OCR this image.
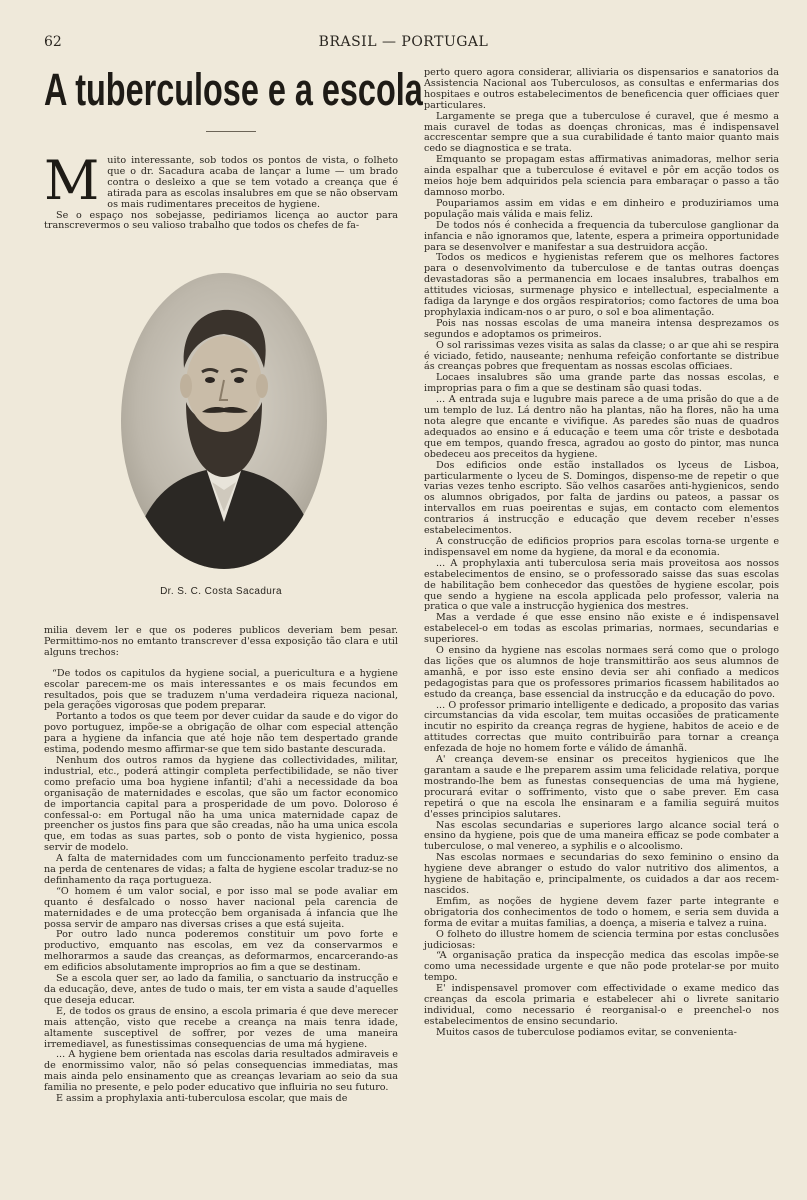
62	BRASIL — PORTUGAL
A tuberculose e a escola
M uito interessante, sob todos os pontos de vista, o folheto que o dr. Sacadura acaba de lançar a lume — um brado contra o desleixo a que se tem votado a creança que é atirada para as escolas insalubres em que se não observam os mais rudimentares preceitos de hygiene.

Se o espaço nos sobejasse, pediriamos licença ao auctor para transcrevermos o seu valioso trabalho que todos os chefes de fa-

Dr. S. C. Costa Sacadura

milia devem ler e que os poderes publicos deveriam bem pesar. Permittimo-nos no emtanto transcrever d'essa exposição tão clara e util alguns trechos:

“De todos os capitulos da hygiene social, a puericultura e a hygiene escolar parecem-me os mais interessantes e os mais fecundos em resultados, pois que se traduzem n'uma verdadeira riqueza nacional, pela gerações vigorosas que podem preparar.

Portanto a todos os que teem por dever cuidar da saude e do vigor do povo portuguez, impõe-se a obrigação de olhar com especial attenção para a hygiene da infancia que até hoje não tem despertado grande estima, podendo mesmo affirmar-se que tem sido bastante descurada.

Nenhum dos outros ramos da hygiene das collectividades, militar, industrial, etc., poderá attingir completa perfectibilidade, se não tiver como prefacio uma boa hygiene infantil; d'ahi a necessidade da boa organisação de maternidades e escolas, que são um factor economico de importancia capital para a prosperidade de um povo. Doloroso é confessal-o: em Portugal não ha uma unica maternidade capaz de preencher os justos fins para que são creadas, não ha uma unica escola que, em todas as suas partes, sob o ponto de vista hygienico, possa servir de modelo.

A falta de maternidades com um funccionamento perfeito traduz-se na perda de centenares de vidas; a falta de hygiene escolar traduz-se no definhamento da raça portugueza.

“O homem é um valor social, e por isso mal se pode avaliar em quanto é desfalcado o nosso haver nacional pela carencia de maternidades e de uma protecção bem organisada á infancia que lhe possa servir de amparo nas diversas crises a que está sujeita.

Por outro lado nunca poderemos constituir um povo forte e productivo, emquanto nas escolas, em vez da conservarmos e melhorarmos a saude das creanças, as deformarmos, encarcerando-as em edificios absolutamente improprios ao fim a que se destinam.

Se a escola quer ser, ao lado da familia, o sanctuario da instrucção e da educação, deve, antes de tudo o mais, ter em vista a saude d'aquelles que deseja educar.

E, de todos os graus de ensino, a escola primaria é que deve merecer mais attenção, visto que recebe a creança na mais tenra idade, altamente susceptivel de soffrer, por vezes de uma maneira irremediavel, as funestissimas consequencias de uma má hygiene.

... A hygiene bem orientada nas escolas daria resultados admiraveis e de enormissimo valor, não só pelas consequencias immediatas, mas mais ainda pelo ensinamento que as creanças levariam ao seio da sua familia no presente, e pelo poder educativo que influiria no seu futuro.

E assim a prophylaxia anti-tuberculosa escolar, que mais de

perto quero agora considerar, alliviaria os dispensarios e sanatorios da Assistencia Nacional aos Tuberculosos, as consultas e enfermarias dos hospitaes e outros estabelecimentos de beneficencia quer officiaes quer particulares.

Largamente se prega que a tuberculose é curavel, que é mesmo a mais curavel de todas as doenças chronicas, mas é indispensavel accrescentar sempre que a sua curabilidade é tanto maior quanto mais cedo se diagnostica e se trata.

Emquanto se propagam estas affirmativas animadoras, melhor seria ainda espalhar que a tuberculose é evitavel e pôr em acção todos os meios hoje bem adquiridos pela sciencia para embaraçar o passo a tão damnoso morbo.

Poupariamos assim em vidas e em dinheiro e produziriamos uma população mais válida e mais feliz.

De todos nós é conhecida a frequencia da tuberculose ganglionar da infancia e não ignoramos que, latente, espera a primeira opportunidade para se desenvolver e manifestar a sua destruidora acção.

Todos os medicos e hygienistas referem que os melhores factores para o desenvolvimento da tuberculose e de tantas outras doenças devastadoras são a permanencia em locaes insalubres, trabalhos em attitudes viciosas, surmenage physico e intellectual, especialmente a fadiga da larynge e dos orgãos respiratorios; como factores de uma boa prophylaxia indicam-nos o ar puro, o sol e boa alimentação.

Pois nas nossas escolas de uma maneira intensa desprezamos os segundos e adoptamos os primeiros.

O sol rarissimas vezes visita as salas da classe; o ar que ahi se respira é viciado, fetido, nauseante; nenhuma refeição confortante se distribue ás creanças pobres que frequentam as nossas escolas officiaes.

Locaes insalubres são uma grande parte das nossas escolas, e improprias para o fim a que se destinam são quasi todas.

... A entrada suja e lugubre mais parece a de uma prisão do que a de um templo de luz. Lá dentro não ha plantas, não ha flores, não ha uma nota alegre que encante e vivifique. As paredes são nuas de quadros adequados ao ensino e á educação e teem uma côr triste e desbotada que em tempos, quando fresca, agradou ao gosto do pintor, mas nunca obedeceu aos preceitos da hygiene.

Dos edificios onde estão installados os lyceus de Lisboa, particularmente o lyceu de S. Domingos, dispenso-me de repetir o que varias vezes tenho escripto. São velhos casarões anti-hygienicos, sendo os alumnos obrigados, por falta de jardins ou pateos, a passar os intervallos em ruas poeirentas e sujas, em contacto com elementos contrarios á instrucção e educação que devem receber n'esses estabelecimentos.

A construcção de edificios proprios para escolas torna-se urgente e indispensavel em nome da hygiene, da moral e da economia.

... A prophylaxia anti tuberculosa seria mais proveitosa aos nossos estabelecimentos de ensino, se o professorado saisse das suas escolas de habilitação bem conhecedor das questões de hygiene escolar, pois que sendo a hygiene na escola applicada pelo professor, valeria na pratica o que vale a instrucção hygienica dos mestres.

Mas a verdade é que esse ensino não existe e é indispensavel estabelecel-o em todas as escolas primarias, normaes, secundarias e superiores.

O ensino da hygiene nas escolas normaes será como que o prologo das lições que os alumnos de hoje transmittirão aos seus alumnos de amanhã, e por isso este ensino devia ser ahi confiado a medicos pedagogistas para que os professores primarios ficassem habilitados ao estudo da creança, base essencial da instrucção e da educação do povo.

... O professor primario intelligente e dedicado, a proposito das varias circumstancias da vida escolar, tem muitas occasiões de praticamente incutir no espirito da creança regras de hygiene, habitos de aceio e de attitudes correctas que muito contribuirão para tornar a creança enfezada de hoje no homem forte e válido de ámanhã.

A' creança devem-se ensinar os preceitos hygienicos que lhe garantam a saude e lhe preparem assim uma felicidade relativa, porque mostrando-lhe bem as funestas consequencias de uma má hygiene, procurará evitar o soffrimento, visto que o sabe prever. Em casa repetirá o que na escola lhe ensinaram e a familia seguirá muitos d'esses principios salutares.

Nas escolas secundarias e superiores largo alcance social terá o ensino da hygiene, pois que de uma maneira efficaz se pode combater a tuberculose, o mal venereo, a syphilis e o alcoolismo.

Nas escolas normaes e secundarias do sexo feminino o ensino da hygiene deve abranger o estudo do valor nutritivo dos alimentos, a hygiene de habitação e, principalmente, os cuidados a dar aos recem-nascidos.

Emfim, as noções de hygiene devem fazer parte integrante e obrigatoria dos conhecimentos de todo o homem, e seria sem duvida a forma de evitar a muitas familias, a doença, a miseria e talvez a ruina.

O folheto do illustre homem de sciencia termina por estas conclusões judiciosas:

“A organisação pratica da inspecção medica das escolas impõe-se como uma necessidade urgente e que não pode protelar-se por muito tempo.

E' indispensavel promover com effectividade o exame medico das creanças da escola primaria e estabelecer ahi o livrete sanitario individual, como necessario é reorganisal-o e preenchel-o nos estabelecimentos de ensino secundario.

Muitos casos de tuberculose podiamos evitar, se convenienta-
